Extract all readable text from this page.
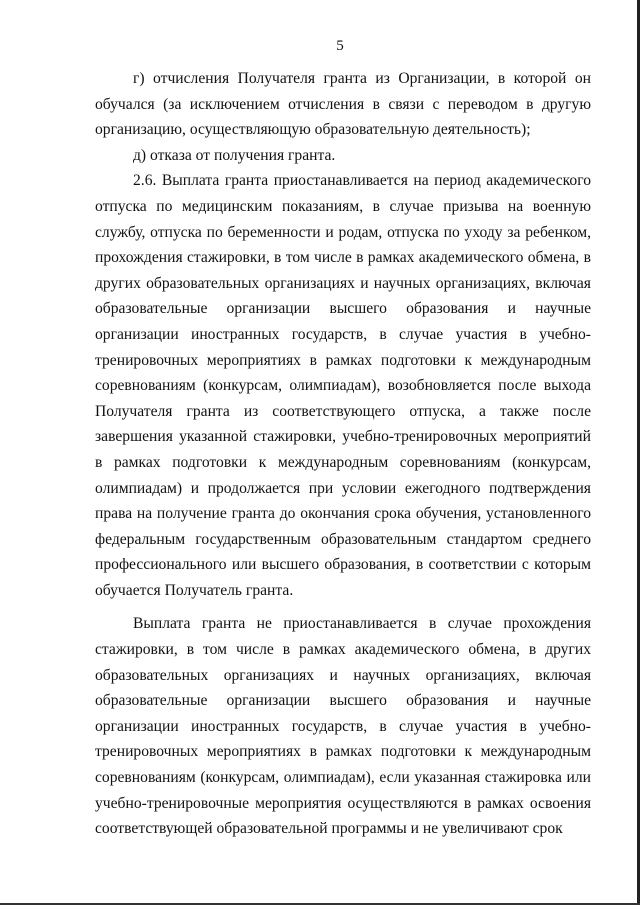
5

г) отчисления Получателя гранта из Организации, в которой он обучался (за исключением отчисления в связи с переводом в другую организацию, осуществляющую образовательную деятельность);

д) отказа от получения гранта.

2.6. Выплата гранта приостанавливается на период академического отпуска по медицинским показаниям, в случае призыва на военную службу, отпуска по беременности и родам, отпуска по уходу за ребенком, прохождения стажировки, в том числе в рамках академического обмена, в других образовательных организациях и научных организациях, включая образовательные организации высшего образования и научные организации иностранных государств, в случае участия в учебно-тренировочных мероприятиях в рамках подготовки к международным соревнованиям (конкурсам, олимпиадам), возобновляется после выхода Получателя гранта из соответствующего отпуска, а также после завершения указанной стажировки, учебно-тренировочных мероприятий в рамках подготовки к международным соревнованиям (конкурсам, олимпиадам) и продолжается при условии ежегодного подтверждения права на получение гранта до окончания срока обучения, установленного федеральным государственным образовательным стандартом среднего профессионального или высшего образования, в соответствии с которым обучается Получатель гранта.

Выплата гранта не приостанавливается в случае прохождения стажировки, в том числе в рамках академического обмена, в других образовательных организациях и научных организациях, включая образовательные организации высшего образования и научные организации иностранных государств, в случае участия в учебно-тренировочных мероприятиях в рамках подготовки к международным соревнованиям (конкурсам, олимпиадам), если указанная стажировка или учебно-тренировочные мероприятия осуществляются в рамках освоения соответствующей образовательной программы и не увеличивают срок
